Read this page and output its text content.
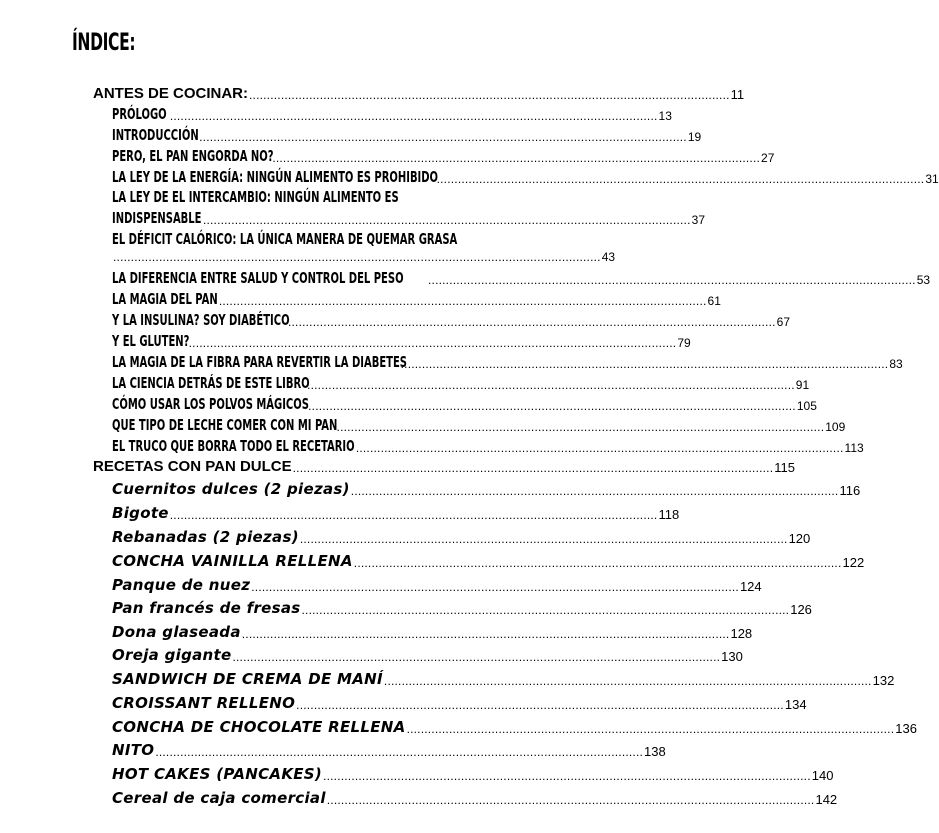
ÍNDICE:
ANTES DE COCINAR: ........................................................................................................................................ 11
PRÓLOGO .......................................................................................................................................... 13
INTRODUCCIÓN .......................................................................................................................................... 19
PERO, EL PAN ENGORDA NO?
.......................................................................................................................................... 27
LA LEY DE LA ENERGÍA: NINGÚN ALIMENTO ES PROHIBIDO
.......................................................................................................................................... 31
LA LEY DE EL INTERCAMBIO: NINGÚN ALIMENTO ES
INDISPENSABLE .......................................................................................................................................... 37
EL DÉFICIT CALÓRICO: LA ÚNICA MANERA DE QUEMAR GRASA
.......................................................................................................................................... 43
LA DIFERENCIA ENTRE SALUD Y CONTROL DEL PESO .......................................................................................................................................... 53
LA MAGIA DEL PAN .......................................................................................................................................... 61
Y LA INSULINA? SOY DIABÉTICO
.......................................................................................................................................... 67
Y EL GLUTEN? .......................................................................................................................................... 79
LA MAGIA DE LA FIBRA PARA REVERTIR LA DIABETES
.......................................................................................................................................... 83
LA CIENCIA DETRÁS DE ESTE LIBRO
.......................................................................................................................................... 91
CÓMO USAR LOS POLVOS MÁGICOS .......................................................................................................................................... 105
QUE TIPO DE LECHE COMER CON MI PAN .......................................................................................................................................... 109
EL TRUCO QUE BORRA TODO EL RECETARIO .......................................................................................................................................... 113
RECETAS CON PAN DULCE ........................................................................................................................................ 115
Cuernitos dulces (2 piezas) .......................................................................................................................................... 116
Bigote .......................................................................................................................................... 118
Rebanadas (2 piezas) .......................................................................................................................................... 120
CONCHA VAINILLA RELLENA .......................................................................................................................................... 122
Panque de nuez .......................................................................................................................................... 124
Pan francés de fresas .......................................................................................................................................... 126
Dona glaseada .......................................................................................................................................... 128
Oreja gigante .......................................................................................................................................... 130
SANDWICH DE CREMA DE MANÍ .......................................................................................................................................... 132
CROISSANT RELLENO .......................................................................................................................................... 134
CONCHA DE CHOCOLATE RELLENA .......................................................................................................................................... 136
NITO .......................................................................................................................................... 138
HOT CAKES (PANCAKES) .......................................................................................................................................... 140
Cereal de caja comercial .......................................................................................................................................... 142
